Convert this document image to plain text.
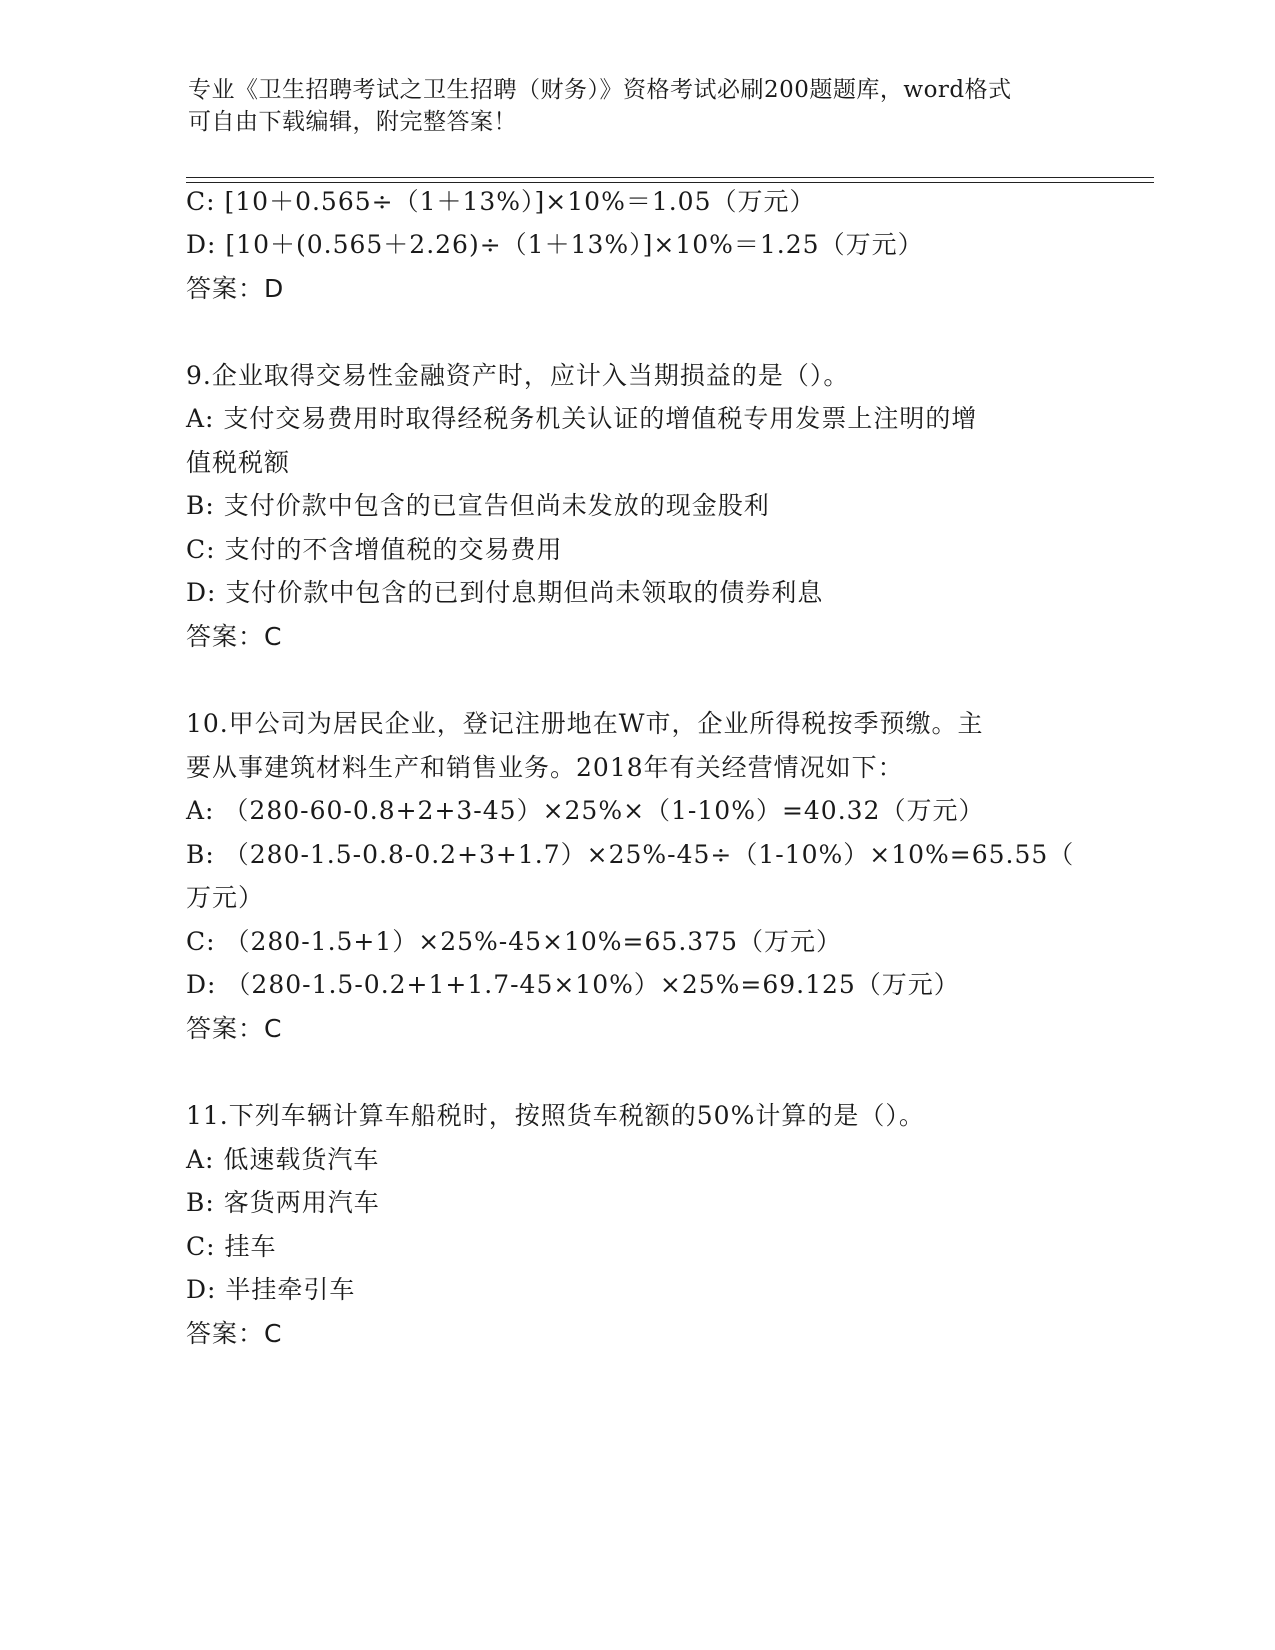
专业《卫生招聘考试之卫生招聘（财务）》资格考试必刷200题题库，word格式
可自由下载编辑，附完整答案！
C: [10＋0.565÷（1＋13%）]×10%＝1.05（万元）
D: [10＋(0.565＋2.26)÷（1＋13%）]×10%＝1.25（万元）
答案：D
9.企业取得交易性金融资产时，应计入当期损益的是（）。
A: 支付交易费用时取得经税务机关认证的增值税专用发票上注明的增
值税税额
B: 支付价款中包含的已宣告但尚未发放的现金股利
C: 支付的不含增值税的交易费用
D: 支付价款中包含的已到付息期但尚未领取的债券利息
答案：C
10.甲公司为居民企业，登记注册地在W市，企业所得税按季预缴。主
要从事建筑材料生产和销售业务。2018年有关经营情况如下：
A: （280-60-0.8+2+3-45）×25%×（1-10%）=40.32（万元）
B: （280-1.5-0.8-0.2+3+1.7）×25%-45÷（1-10%）×10%=65.55（
万元）
C: （280-1.5+1）×25%-45×10%=65.375（万元）
D: （280-1.5-0.2+1+1.7-45×10%）×25%=69.125（万元）
答案：C
11.下列车辆计算车船税时，按照货车税额的50%计算的是（）。
A: 低速载货汽车
B: 客货两用汽车
C: 挂车
D: 半挂牵引车
答案：C
